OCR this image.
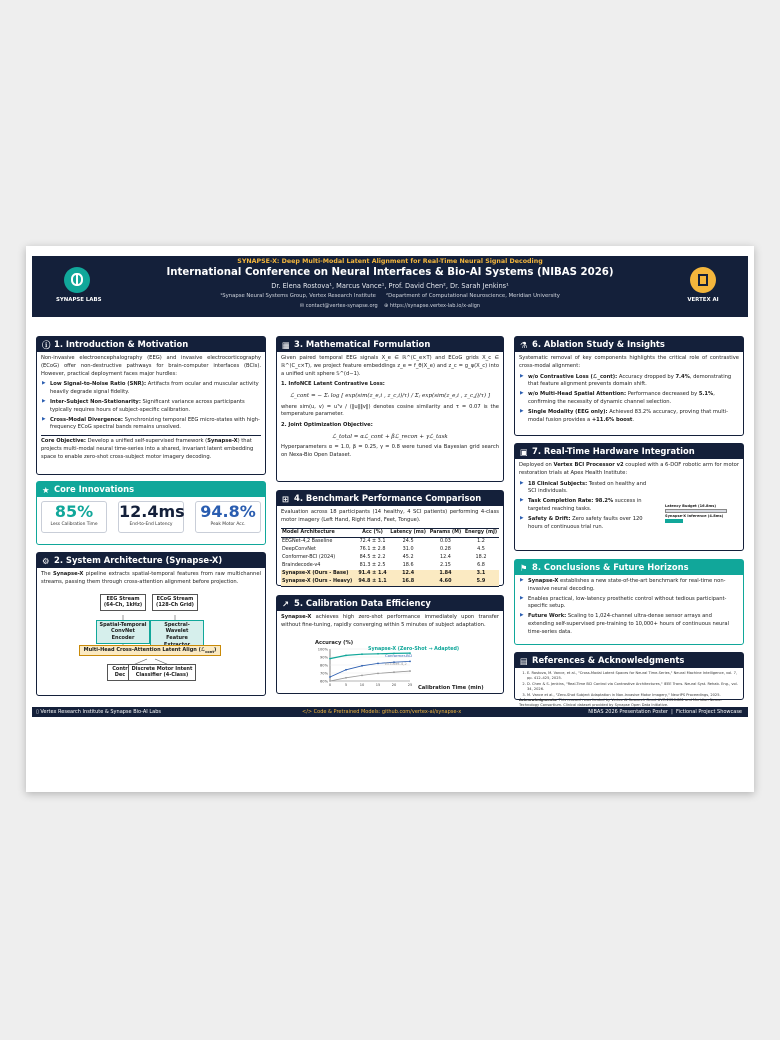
SYNAPSE LABS
SYNAPSE-X: Deep Multi-Modal Latent Alignment for Real-Time Neural Signal Decoding
International Conference on Neural Interfaces & Bio-AI Systems (NIBAS 2026)
Dr. Elena Rostova¹, Marcus Vance¹, Prof. David Chen², Dr. Sarah Jenkins¹
¹Synapse Neural Systems Group, Vertex Research Institute ²Department of Computational Neuroscience, Meridian University
✉ contact@vertex-synapse.org ⊕ https://synapse.vertex-lab.io/x-align
VERTEX AI
ⓘ 1. Introduction & Motivation

Non-invasive electroencephalography (EEG) and invasive electrocorticography (ECoG) offer non-destructive pathways for brain-computer interfaces (BCIs). However, practical deployment faces major hurdles:

▶ Low Signal-to-Noise Ratio (SNR): Artifacts from ocular and muscular activity heavily degrade signal fidelity.
▶ Inter-Subject Non-Stationarity: Significant variance across participants typically requires hours of subject-specific calibration.
▶ Cross-Modal Divergence: Synchronizing temporal EEG micro-states with high-frequency ECoG spectral bands remains unsolved.
Core Objective: Develop a unified self-supervised framework (Synapse-X) that projects multi-modal neural time-series into a shared, invariant latent embedding space to enable zero-shot cross-subject motor imagery decoding.
★ Core Innovations
85%
Less Calibration Time
12.4ms
End-to-End Latency
94.8%
Peak Motor Acc.
⚙ 2. System Architecture (Synapse-X)

The Synapse-X pipeline extracts spatial-temporal features from raw multichannel streams, passing them through cross-attention alignment before projection.

EEG Stream
(64-Ch, 1kHz)
ECoG Stream
(128-Ch Grid)
Spatial-Temporal
ConvNet Encoder
Spectral-Wavelet
Feature
Multi-Head Cross-Attention Latent Align (ℒ$_{cont}$)
Contr
Dec
Discrete Motor Intent
Classifier (4-Class)
▦ 3. Mathematical Formulation

Given paired temporal EEG signals X_e ∈ ℝ^(C_e×T) and ECoG grids X_c ∈ ℝ^(C_c×T), we project feature embeddings z_e = f_θ(X_e) and z_c = g_φ(X_c) into a unified unit sphere 𝕊^(d−1).

1. InfoNCE Latent Contrastive Loss:
ℒ_cont = − Σᵢ log [ exp(sim(z_e,i , z_c,i)/τ) / Σⱼ exp(sim(z_e,i , z_c,j)/τ) ]

where sim(u, v) = uᵀv / (‖u‖‖v‖) denotes cosine similarity and τ = 0.07 is the temperature parameter.

2. Joint Optimization Objective:
ℒ_total = αℒ_cont + βℒ_recon + γℒ_task

Hyperparameters α = 1.0, β = 0.25, γ = 0.8 were tuned via Bayesian grid search on Nexa-Bio Open Dataset.

⊞ 4. Benchmark Performance Comparison

Evaluation across 18 participants (14 healthy, 4 SCI patients) performing 4-class motor imagery (Left Hand, Right Hand, Feet, Tongue).

Model Architecture	Acc (%)	Latency (ms)	Params (M)	Energy (mJ)
EEGNet-4,2 Baseline	72.4 ± 3.1	24.5	0.03	1.2
DeepConvNet	76.1 ± 2.8	31.0	0.28	4.5
Conformer-BCI (2024)	84.5 ± 2.2	45.2	12.4	18.2
Braindecode-v4	81.3 ± 2.5	18.6	2.15	6.8
Synapse-X (Ours - Base)	91.4 ± 1.4	12.4	1.84	3.1
Synapse-X (Ours - Heavy)	94.8 ± 1.1	16.8	4.60	5.9
↗ 5. Calibration Data Efficiency

Synapse-X achieves high zero-shot performance immediately upon transfer without fine-tuning, rapidly converging within 5 minutes of subject adaptation.

Accuracy (%)
Calibration Time (min)
60%
70%
80%
90%
100%
0	5	10	15	20	25
Synapse-X (Zero-Shot → Adapted)
Conformer-BCI
EEGNet-4,2
⚗ 6. Ablation Study & Insights

Systematic removal of key components highlights the critical role of contrastive cross-modal alignment:

▶ w/o Contrastive Loss (ℒ_cont): Accuracy dropped by 7.4%, demonstrating that feature alignment prevents domain shift.
▶ w/o Multi-Head Spatial Attention: Performance decreased by 5.1%, confirming the necessity of dynamic channel selection.
▶ Single Modality (EEG only): Achieved 83.2% accuracy, proving that multi-modal fusion provides a +11.6% boost.
▣ 7. Real-Time Hardware Integration

Deployed on Vertex BCI Processor v2 coupled with a 6-DOF robotic arm for motor restoration trials at Apex Health Institute:

▶ 18 Clinical Subjects: Tested on healthy and SCI individuals.
▶ Task Completion Rate: 98.2% success in targeted reaching tasks.
▶ Safety & Drift: Zero safety faults over 120 hours of continuous trial run.
Latency Budget (16.8ms)
Synapse-X Inference (4.8ms)
⚑ 8. Conclusions & Future Horizons
▶ Synapse-X establishes a new state-of-the-art benchmark for real-time non-invasive neural decoding.
▶ Enables practical, low-latency prosthetic control without tedious participant-specific setup.
▶ Future Work: Scaling to 1,024-channel ultra-dense sensor arrays and extending self-supervised pre-training to 10,000+ hours of continuous neural time-series data.
▤ References & Acknowledgments
1. E. Rostova, M. Vance, et al., "Cross-Modal Latent Spaces for Neural Time-Series," Neural Machine Intelligence, vol. 7, pp. 412–425, 2025.
2. D. Chen & S. Jenkins, "Real-Time BCI Control via Contrastive Architectures," IEEE Trans. Neural Syst. Rehab. Eng., vol. 34, 2026.
3. M. Vance et al., "Zero-Shot Subject Adaptation in Non-Invasive Motor Imagery," NeurIPS Proceedings, 2025.
Acknowledgments: This research was funded by Vertex AI Research Grant #VR-2026-881 and Meridian Neuro-Technology Consortium. Clinical dataset provided by Synapse Open Data Initiative.
▯ Vertex Research Institute & Synapse Bio-AI Labs	</> Code & Pretrained Models: github.com/vertex-ai/synapse-x	NIBAS 2026 Presentation Poster | Fictional Project Showcase
